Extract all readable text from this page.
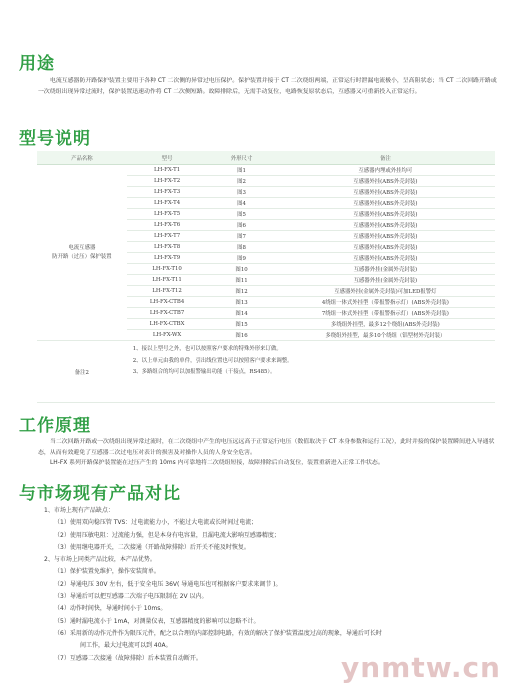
用途

电流互感器防开路保护装置主要用于各种 CT 二次侧的异常过电压保护。保护装置并接于 CT 二次绕组两端，正常运行时泄漏电流极小，呈高阻状态；当 CT 二次回路开路或一次绕组出现异常过流时，保护装置迅速动作将 CT 二次侧短路。故障排除后，无需手动复位，电路恢复原状态后，互感器又可重新投入正常运行。

型号说明
产品名称	型号	外形尺寸	备注
电流互感器
防开路（过压）保护装置	LH-FX-T1	图1	互感器内埋或外挂均可
	LH-FX-T2	图2	互感器外挂(ABS外壳封装)
	LH-FX-T3	图3	互感器外挂(ABS外壳封装)
	LH-FX-T4	图4	互感器外挂(ABS外壳封装)
	LH-FX-T5	图5	互感器外挂(ABS外壳封装)
	LH-FX-T6	图6	互感器外挂(ABS外壳封装)
	LH-FX-T7	图7	互感器外挂(ABS外壳封装)
	LH-FX-T8	图8	互感器外挂(ABS外壳封装)
	LH-FX-T9	图9	互感器外挂(ABS外壳封装)
	LH-FX-T10	图10	互感器外挂(金属外壳封装)
	LH-FX-T11	图11	互感器外挂(金属外壳封装)
	LH-FX-T12	图12	互感器外挂(金属外壳封装)可加LED报警灯
	LH-FX-CTB4	图13	4绕组一体式外挂型（带报警指示灯）(ABS外壳封装)
	LH-FX-CTB7	图14	7绕组一体式外挂型（带报警指示灯）(ABS外壳封装)
	LH-FX-CTBX	图15	多绕组外挂型，最多12个绕组(ABS外壳封装)
	LH-FX-WX	图16	多绕组外挂型，最多10个绕组（铝型材外壳封装）
备注2	1、接以上型号之外，也可以按照客户要求的特殊外形来订做。
2、以上单元由我的单件，引出线位置也可以按照客户要求来调整。
3、多路组合的均可以加报警输出功能（干接点，RS485）。		
工作原理

当二次回路开路或一次绕组出现异常过流时，在二次绕组中产生的电压远远高于正常运行电压（数值取决于 CT 本身参数和运行工况），此时并接的保护装置瞬间进入导通状态，从而有效避免了互感器二次过电压对表计的损害及对操作人员的人身安全危害。

LH-FX 系列开路保护装置能在过压产生的 10ms 内可靠地将二次绕组短接，故障排除后自动复位，装置重新进入正常工作状态。

与市场现有产品对比
1、市场上现有产品缺点：
（1）使用双向稳压管 TVS：过电流能力小，不能过大电流或长时间过电流；
（2）使用压敏电阻：过流能力强，但是本身有电容量，且漏电流大影响互感器精度；
（3）使用继电器开关，二次接通（开路故障排除）后开关不能及时恢复。
2、与市场上同类产品比较，本产品优势。
（1）保护装置免维护，操作安装简单。
（2）导通电压 30V 左右，低于安全电压 36V( 导通电压也可根据客户要求来调节 )。
（3）导通后可以把互感器二次端子电压限制在 2V 以内。
（4）动作时间快，导通时间小于 10ms。
（5）通时漏电流小于 1mA，对测量仪表，互感器精度的影响可以忽略不计。
（6）采用新的动作元件作为限压元件，配之以合理的内部控制电路，有效的解决了保护装置温度过高的现象，导通后可长时
间工作，最大过电流可以到 40A。
（7）互感器二次接通（故障排除）后本装置自动断开。	ynmtw.cn
